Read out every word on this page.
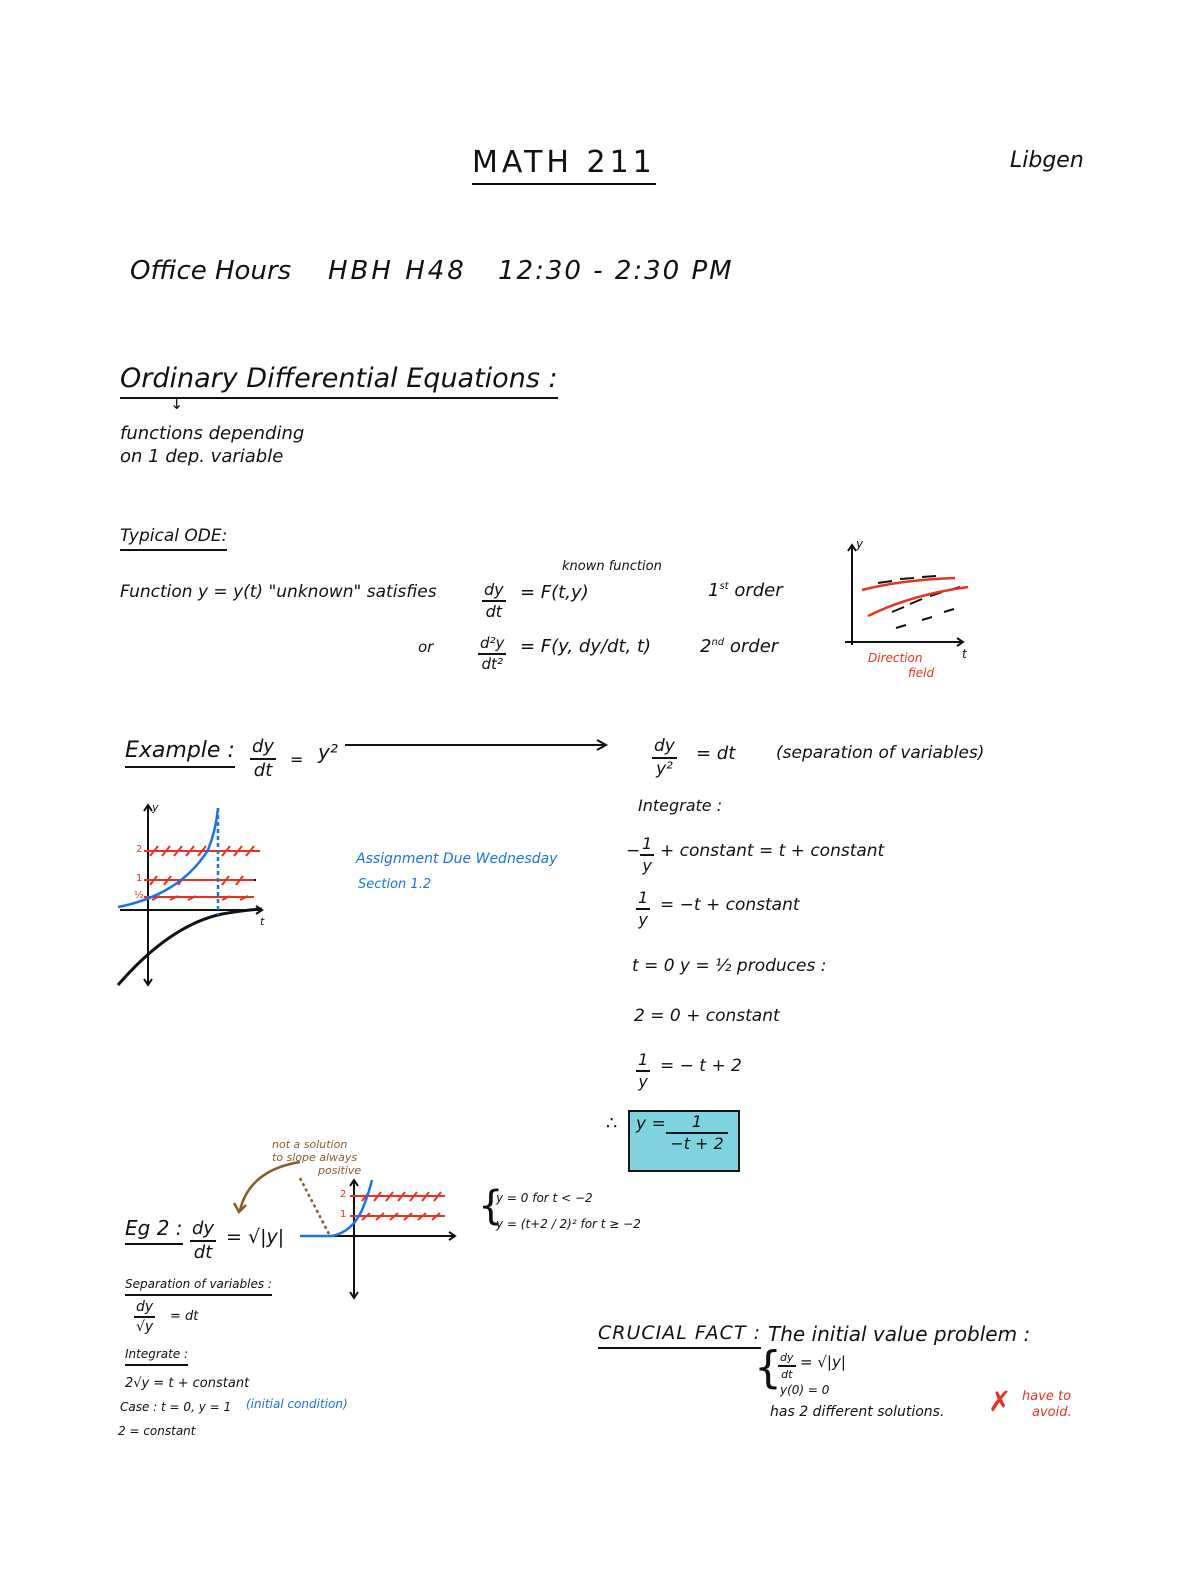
MATH 211	Libgen
Office Hours HBH H48 12:30 - 2:30 PM
Ordinary Differential Equations :
↓
functions depending
on 1 dep. variable
Typical ODE:
Function y = y(t) "unknown" satisfies
known function
$\frac{dy}{dt} = F(t,y)$	1st order
or	$\frac{\text{d²y}}{\text{dt²}} = F(y$, dy/dt, t)	2nd order
y
t
Direction
field
Example : $\frac{dy}{dt} = y^2$	$\frac{dy}{\text{y²}}$ = dt (separation of variables)
Integrate :
− $\frac{1}{y}$ + constant = t + constant
$\frac{1}{y} = -t$ + constant
t = 0 y = ½ produces :
2 = 0 + constant
$\frac{1}{y}$ = − t + 2
∴ $y = \frac{1}{-t + 2}$
y
t
2
1
½
Assignment Due Wednesday
Section 1.2
Eg 2 : $\frac{dy}{dt} = √|y|$
not a solution
to slope always
positive
2
1	{
y = 0 for t < −2
y = (t+2 / 2)² for t ≥ −2
Separation of variables :
$\frac{dy}{√y}$ = dt
Integrate :
2√y = t + constant
Case : t = 0, y = 1 (initial condition)
2 = constant
CRUCIAL FACT : The initial value problem :
{
$\frac{dy}{dt} = √|y|$
y(0) = 0
has 2 different solutions. ✗ have to
avoid.
